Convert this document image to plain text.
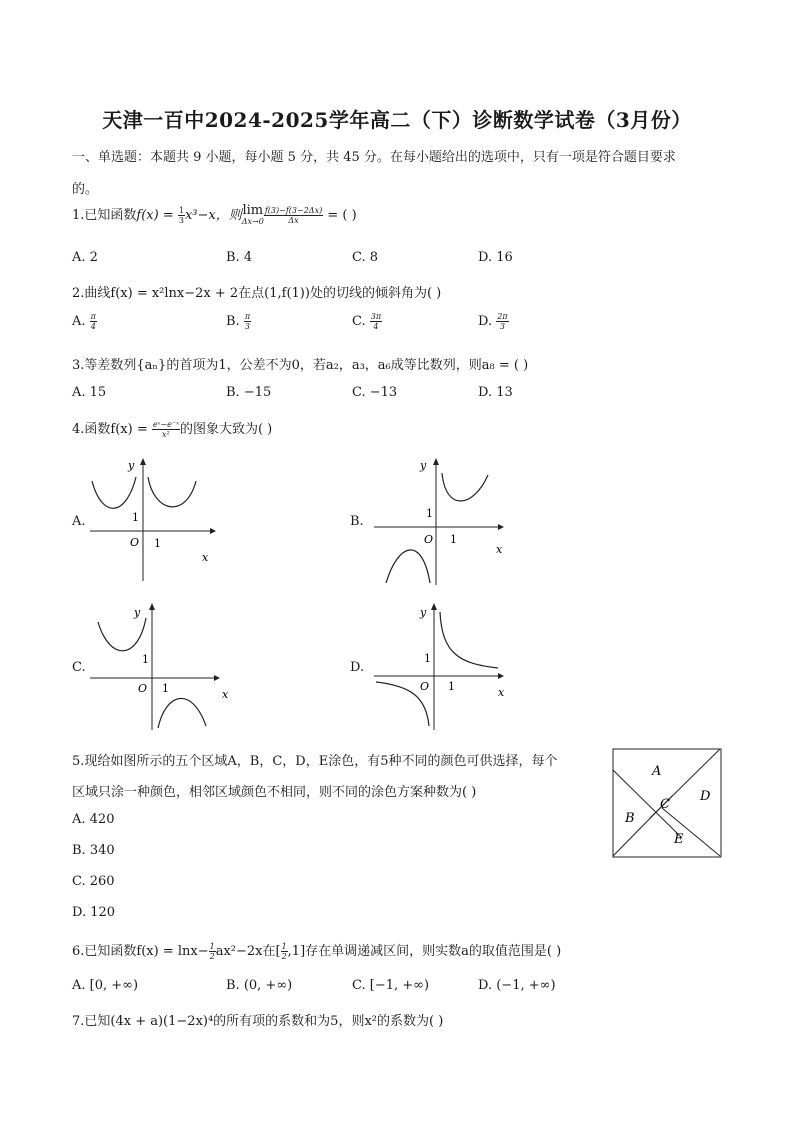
天津一百中2024-2025学年高二（下）诊断数学试卷（3月份）
一、单选题：本题共 9 小题，每小题 5 分，共 45 分。在每小题给出的选项中，只有一项是符合题目要求
的。
1.已知函数$f(x) = \frac{1}{3} x^3-x$，则 lim
$\Delta x\to 0 \frac{f(3)-f(3-2\Delta x)}{\Delta x}$ = ( )
A. 2	B. 4	C. 8	D. 16
2.曲线f(x) = x²lnx−2x + 2在点(1,f(1))处的切线的倾斜角为( )
A. $\frac{\pi}{4}$	B. $\frac{\pi}{3}$	C. $\frac{3\pi}{4}$	D. $\frac{2\pi}{3}$
3.等差数列{aₙ}的首项为1，公差不为0，若a₂，a₃，a₆成等比数列，则a₈ = ( )
A. 15	B. −15	C. −13	D. 13
4.函数$f(x) = \frac{\text{eˣ−e⁻ˣ}}{\text{x²}}$ 的图象大致为( )
A.
y
x
O
1
1
B.
y
x
O
1
1
C.
y
x
O
1
1
D.
y
x
O
1
1
5.现给如图所示的五个区域A，B，C，D，E涂色，有5种不同的颜色可供选择，每个
区域只涂一种颜色，相邻区域颜色不相同，则不同的涂色方案种数为( )
A. 420
B. 340
C. 260
D. 120
A
B
C
D
E
6.已知函数$f(x) = \ln x- \frac{1}{2} ax^2-2x$在[ $\frac{1}{2} ,1$]存在单调递减区间，则实数a的取值范围是( )
A. [0, +∞)	B. (0, +∞)	C. [−1, +∞)	D. (−1, +∞)
7.已知(4x + a)(1−2x)⁴的所有项的系数和为5，则x²的系数为( )
